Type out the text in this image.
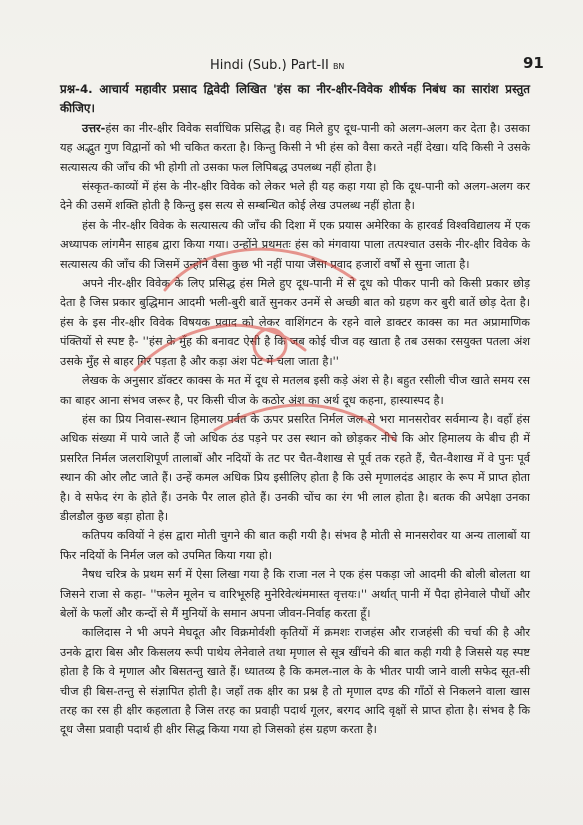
Hindi (Sub.) Part-II BN	91

प्रश्न-4. आचार्य महावीर प्रसाद द्विवेदी लिखित 'हंस का नीर-क्षीर-विवेक शीर्षक निबंध का सारांश प्रस्तुत कीजिए।

उत्तर-हंस का नीर-क्षीर विवेक सर्वाधिक प्रसिद्ध है। वह मिले हुए दूध-पानी को अलग-अलग कर देता है। उसका यह अद्भुत गुण विद्वानों को भी चकित करता है। किन्तु किसी ने भी हंस को वैसा करते नहीं देखा। यदि किसी ने उसके सत्यासत्य की जाँच की भी होगी तो उसका फल लिपिबद्ध उपलब्ध नहीं होता है।

संस्कृत-काव्यों में हंस के नीर-क्षीर विवेक को लेकर भले ही यह कहा गया हो कि दूध-पानी को अलग-अलग कर देने की उसमें शक्ति होती है किन्तु इस सत्य से सम्बन्धित कोई लेख उपलब्ध नहीं होता है।

हंस के नीर-क्षीर विवेक के सत्यासत्य की जाँच की दिशा में एक प्रयास अमेरिका के हारवर्ड विश्वविद्यालय में एक अध्यापक लांगमैन साहब द्वारा किया गया। उन्होंने प्रथमतः हंस को मंगवाया पाला तत्पश्चात उसके नीर-क्षीर विवेक के सत्यासत्य की जाँच की जिसमें उन्होंने वैसा कुछ भी नहीं पाया जैसा प्रवाद हजारों वर्षों से सुना जाता है।

अपने नीर-क्षीर विवेक के लिए प्रसिद्ध हंस मिले हुए दूध-पानी में से दूध को पीकर पानी को किसी प्रकार छोड़ देता है जिस प्रकार बुद्धिमान आदमी भली-बुरी बातें सुनकर उनमें से अच्छी बात को ग्रहण कर बुरी बातें छोड़ देता है। हंस के इस नीर-क्षीर विवेक विषयक प्रवाद को लेकर वाशिंगटन के रहने वाले डाक्टर काक्स का मत अप्रामाणिक पंक्तियों से स्पष्ट है- ''हंस के मुँह की बनावट ऐसी है कि जब कोई चीज वह खाता है तब उसका रसयुक्त पतला अंश उसके मुँह से बाहर गिर पड़ता है और कड़ा अंश पेट में चला जाता है।''

लेखक के अनुसार डॉक्टर काक्स के मत में दूध से मतलब इसी कड़े अंश से है। बहुत रसीली चीज खाते समय रस का बाहर आना संभव जरूर है, पर किसी चीज के कठोर अंश का अर्थ दूध कहना, हास्यास्पद है।

हंस का प्रिय निवास-स्थान हिमालय पर्वत के ऊपर प्रसरित निर्मल जल से भरा मानसरोवर सर्वमान्य है। वहाँ हंस अधिक संख्या में पाये जाते हैं जो अधिक ठंड पड़ने पर उस स्थान को छोड़कर नीचे कि ओर हिमालय के बीच ही में प्रसरित निर्मल जलराशिपूर्ण तालाबों और नदियों के तट पर चैत-वैशाख से पूर्व तक रहते हैं, चैत-वैशाख में वे पुनः पूर्व स्थान की ओर लौट जाते हैं। उन्हें कमल अधिक प्रिय इसीलिए होता है कि उसे मृणालदंड आहार के रूप में प्राप्त होता है। वे सफेद रंग के होते हैं। उनके पैर लाल होते हैं। उनकी चोंच का रंग भी लाल होता है। बतक की अपेक्षा उनका डीलडौल कुछ बड़ा होता है।

कतिपय कवियों ने हंस द्वारा मोती चुगने की बात कही गयी है। संभव है मोती से मानसरोवर या अन्य तालाबों या फिर नदियों के निर्मल जल को उपमित किया गया हो।

नैषध चरित्र के प्रथम सर्ग में ऐसा लिखा गया है कि राजा नल ने एक हंस पकड़ा जो आदमी की बोली बोलता था जिसने राजा से कहा- ''फलेन मूलेन च वारिभूरुहि मुनेरिवेत्थंममास्त वृत्तयः।'' अर्थात् पानी में पैदा होनेवाले पौधों और बेलों के फलों और कन्दों से मैं मुनियों के समान अपना जीवन-निर्वाह करता हूँ।

कालिदास ने भी अपने मेघदूत और विक्रमोर्वशी कृतियों में क्रमशः राजहंस और राजहंसी की चर्चा की है और उनके द्वारा बिस और किसलय रूपी पाथेय लेनेवाले तथा मृणाल से सूत्र खींचने की बात कही गयी है जिससे यह स्पष्ट होता है कि वे मृणाल और बिसतन्तु खाते हैं। ध्यातव्य है कि कमल-नाल के के भीतर पायी जाने वाली सफेद सूत-सी चीज ही बिस-तन्तु से संज्ञापित होती है। जहाँ तक क्षीर का प्रश्न है तो मृणाल दण्ड की गाँठों से निकलने वाला खास तरह का रस ही क्षीर कहलाता है जिस तरह का प्रवाही पदार्थ गूलर, बरगद आदि वृक्षों से प्राप्त होता है। संभव है कि दूध जैसा प्रवाही पदार्थ ही क्षीर सिद्ध किया गया हो जिसको हंस ग्रहण करता है।
